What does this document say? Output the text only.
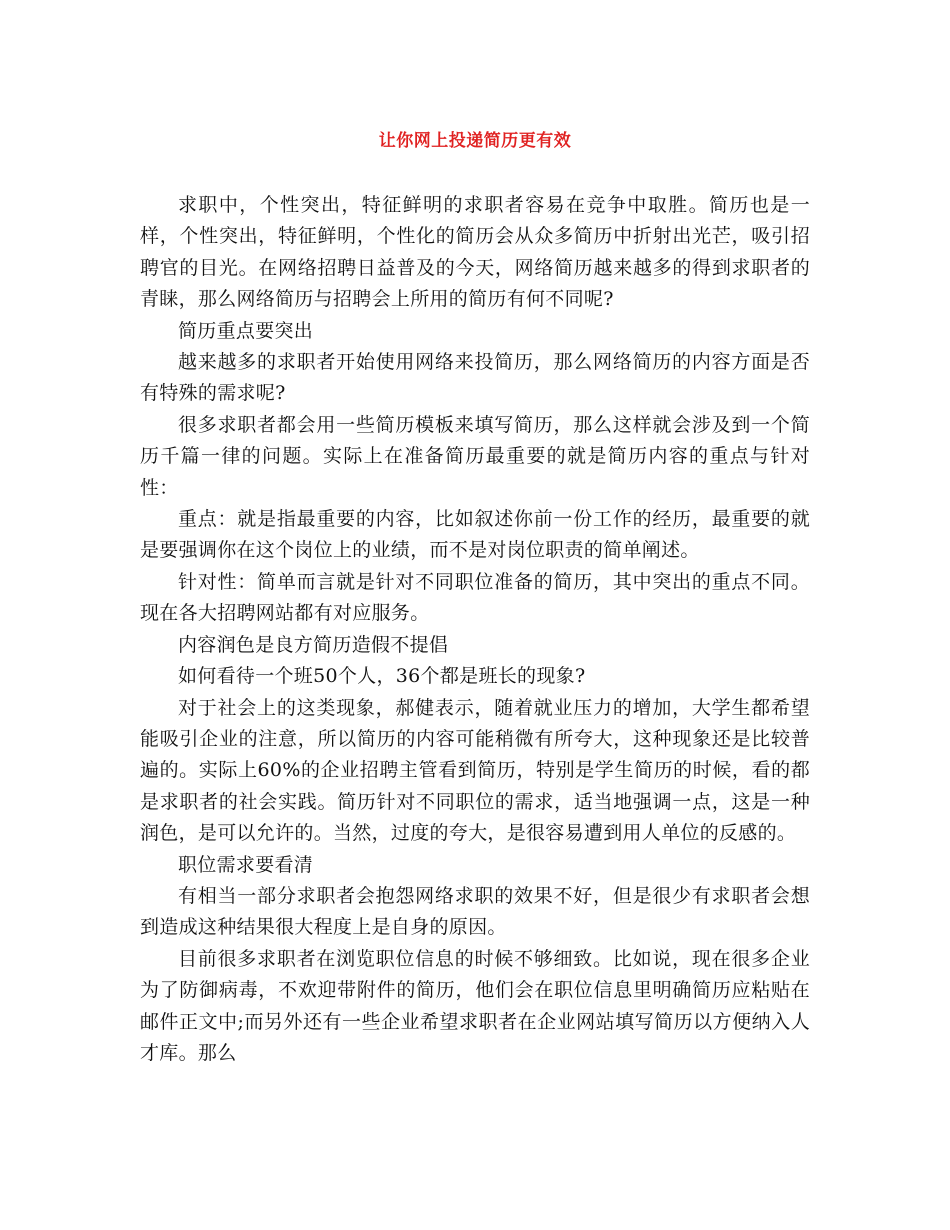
让你网上投递简历更有效

求职中，个性突出，特征鲜明的求职者容易在竞争中取胜。简历也是一样，个性突出，特征鲜明，个性化的简历会从众多简历中折射出光芒，吸引招聘官的目光。在网络招聘日益普及的今天，网络简历越来越多的得到求职者的青睐，那么网络简历与招聘会上所用的简历有何不同呢?

简历重点要突出

越来越多的求职者开始使用网络来投简历，那么网络简历的内容方面是否有特殊的需求呢?

很多求职者都会用一些简历模板来填写简历，那么这样就会涉及到一个简历千篇一律的问题。实际上在准备简历最重要的就是简历内容的重点与针对性：

重点：就是指最重要的内容，比如叙述你前一份工作的经历，最重要的就是要强调你在这个岗位上的业绩，而不是对岗位职责的简单阐述。

针对性：简单而言就是针对不同职位准备的简历，其中突出的重点不同。现在各大招聘网站都有对应服务。

内容润色是良方简历造假不提倡

如何看待一个班50个人，36个都是班长的现象?

对于社会上的这类现象，郝健表示，随着就业压力的增加，大学生都希望能吸引企业的注意，所以简历的内容可能稍微有所夸大，这种现象还是比较普遍的。实际上60%的企业招聘主管看到简历，特别是学生简历的时候，看的都是求职者的社会实践。简历针对不同职位的需求，适当地强调一点，这是一种润色，是可以允许的。当然，过度的夸大，是很容易遭到用人单位的反感的。

职位需求要看清

有相当一部分求职者会抱怨网络求职的效果不好，但是很少有求职者会想到造成这种结果很大程度上是自身的原因。

目前很多求职者在浏览职位信息的时候不够细致。比如说，现在很多企业为了防御病毒，不欢迎带附件的简历，他们会在职位信息里明确简历应粘贴在邮件正文中;而另外还有一些企业希望求职者在企业网站填写简历以方便纳入人才库。那么
